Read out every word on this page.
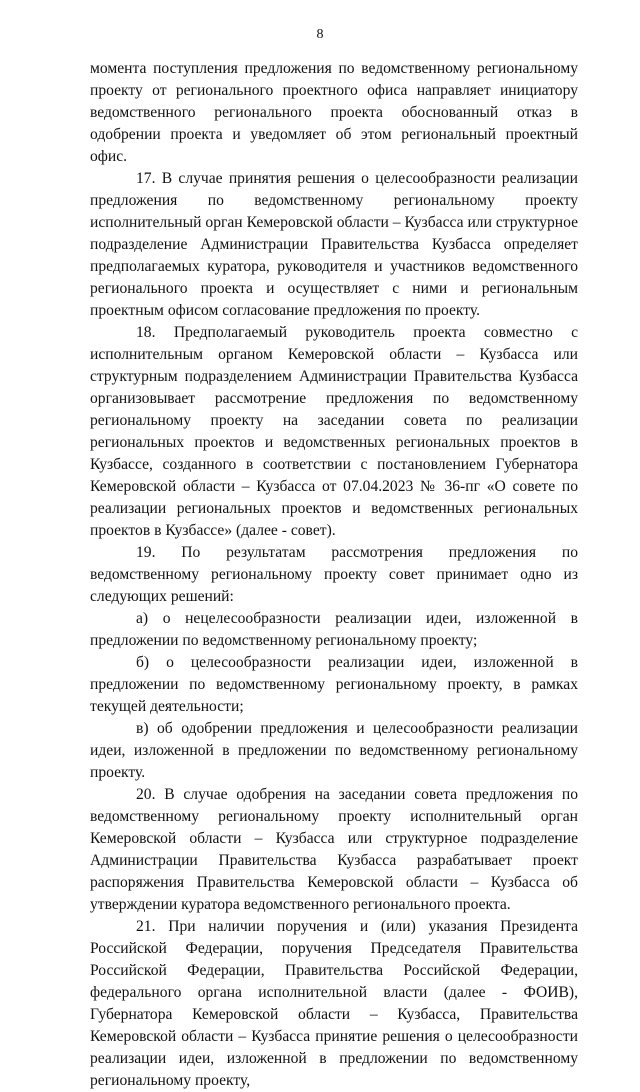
8

момента поступления предложения по ведомственному региональному проекту от регионального проектного офиса направляет инициатору ведомственного регионального проекта обоснованный отказ в одобрении проекта и уведомляет об этом региональный проектный офис.

17. В случае принятия решения о целесообразности реализации предложения по ведомственному региональному проекту исполнительный орган Кемеровской области – Кузбасса или структурное подразделение Администрации Правительства Кузбасса определяет предполагаемых куратора, руководителя и участников ведомственного регионального проекта и осуществляет с ними и региональным проектным офисом согласование предложения по проекту.

18. Предполагаемый руководитель проекта совместно с исполнительным органом Кемеровской области – Кузбасса или структурным подразделением Администрации Правительства Кузбасса организовывает рассмотрение предложения по ведомственному региональному проекту на заседании совета по реализации региональных проектов и ведомственных региональных проектов в Кузбассе, созданного в соответствии с постановлением Губернатора Кемеровской области – Кузбасса от 07.04.2023 № 36-пг «О совете по реализации региональных проектов и ведомственных региональных проектов в Кузбассе» (далее - совет).

19. По результатам рассмотрения предложения по ведомственному региональному проекту совет принимает одно из следующих решений:

а) о нецелесообразности реализации идеи, изложенной в предложении по ведомственному региональному проекту;

б) о целесообразности реализации идеи, изложенной в предложении по ведомственному региональному проекту, в рамках текущей деятельности;

в) об одобрении предложения и целесообразности реализации идеи, изложенной в предложении по ведомственному региональному проекту.

20. В случае одобрения на заседании совета предложения по ведомственному региональному проекту исполнительный орган Кемеровской области – Кузбасса или структурное подразделение Администрации Правительства Кузбасса разрабатывает проект распоряжения Правительства Кемеровской области – Кузбасса об утверждении куратора ведомственного регионального проекта.

21. При наличии поручения и (или) указания Президента Российской Федерации, поручения Председателя Правительства Российской Федерации, Правительства Российской Федерации, федерального органа исполнительной власти (далее - ФОИВ), Губернатора Кемеровской области – Кузбасса, Правительства Кемеровской области – Кузбасса принятие решения о целесообразности реализации идеи, изложенной в предложении по ведомственному региональному проекту,
